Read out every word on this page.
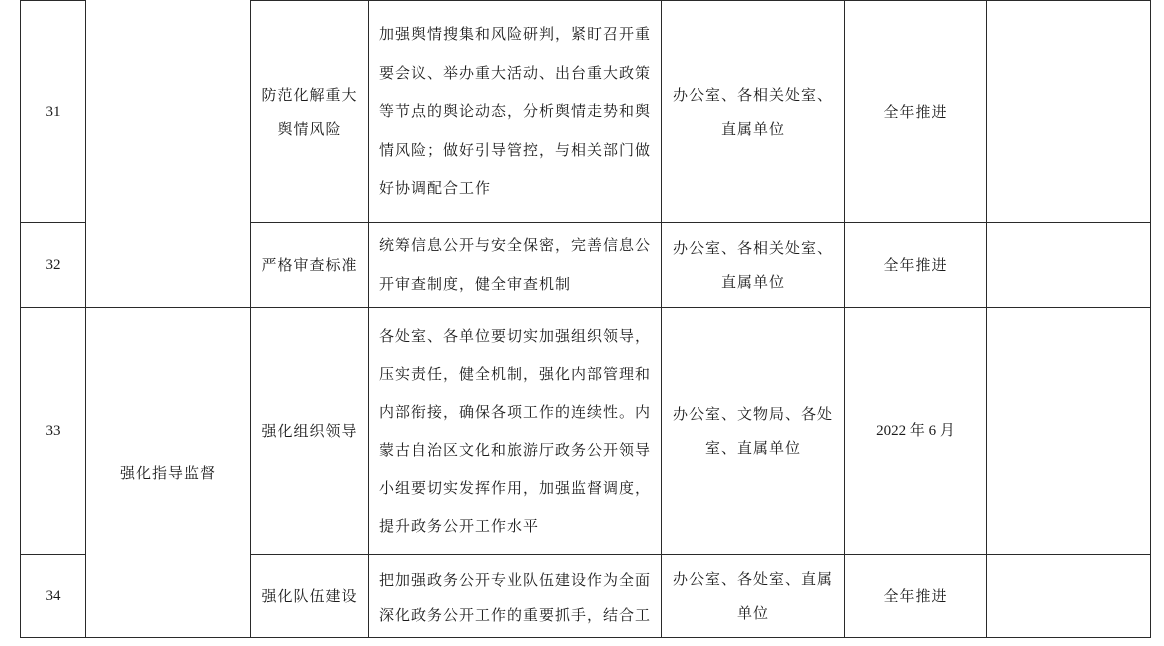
31		防范化解重大舆情风险	加强舆情搜集和风险研判，紧盯召开重要会议、举办重大活动、出台重大政策等节点的舆论动态，分析舆情走势和舆情风险；做好引导管控，与相关部门做好协调配合工作	办公室、各相关处室、直属单位	全年推进	
32		严格审查标准	统筹信息公开与安全保密，完善信息公开审查制度，健全审查机制	办公室、各相关处室、直属单位	全年推进	
33	强化指导监督	强化组织领导	各处室、各单位要切实加强组织领导，压实责任，健全机制，强化内部管理和内部衔接，确保各项工作的连续性。内蒙古自治区文化和旅游厅政务公开领导小组要切实发挥作用，加强监督调度，提升政务公开工作水平	办公室、文物局、各处室、直属单位	2022 年 6 月	
34		强化队伍建设	把加强政务公开专业队伍建设作为全面深化政务公开工作的重要抓手，结合工	办公室、各处室、直属单位	全年推进	
